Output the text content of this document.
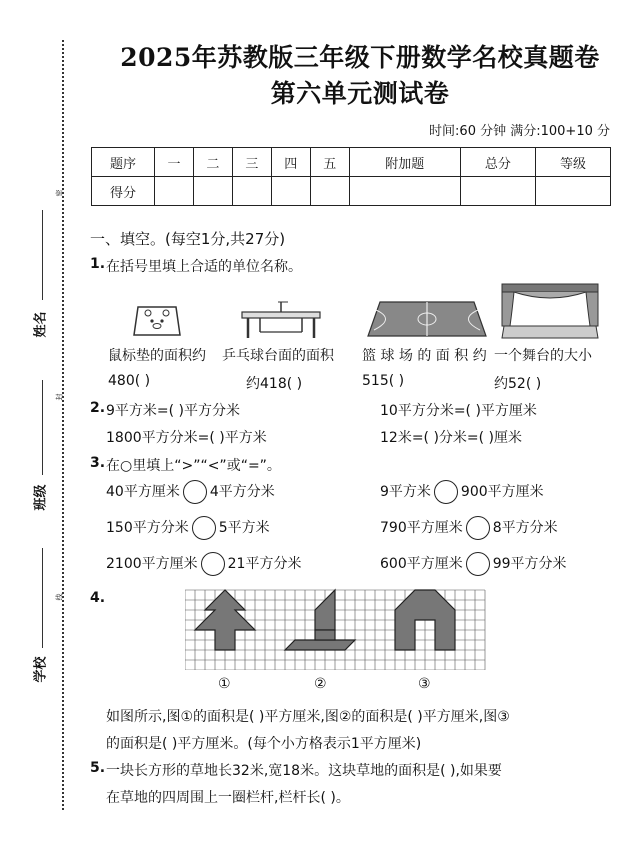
密
封
线
姓名
班级
学校
2025年苏教版三年级下册数学名校真题卷
第六单元测试卷
时间:60 分钟 满分:100+10 分
题序	一	二	三	四	五	附加题	总分	等级
得分								
一、填空。(每空1分,共27分)
1. 在括号里填上合适的单位名称。
鼠标垫的面积约
480( )
乒乓球台面的面积
约418( )
篮 球 场 的 面 积 约
515( )
一个舞台的大小
约52( )
2. 9平方米=( )平方分米	10平方分米=( )平方厘米
1800平方分米=( )平方米	12米=( )分米=( )厘米
3. 在○里填上“>”“<”或“=”。
40平方厘米 4平方分米	9平方米 900平方厘米
150平方分米 5平方米	790平方厘米 8平方分米
2100平方厘米 21平方分米	600平方厘米 99平方分米
4.
①	②	③
如图所示,图①的面积是( )平方厘米,图②的面积是( )平方厘米,图③
的面积是( )平方厘米。(每个小方格表示1平方厘米)
5. 一块长方形的草地长32米,宽18米。这块草地的面积是( ),如果要
在草地的四周围上一圈栏杆,栏杆长( )。
